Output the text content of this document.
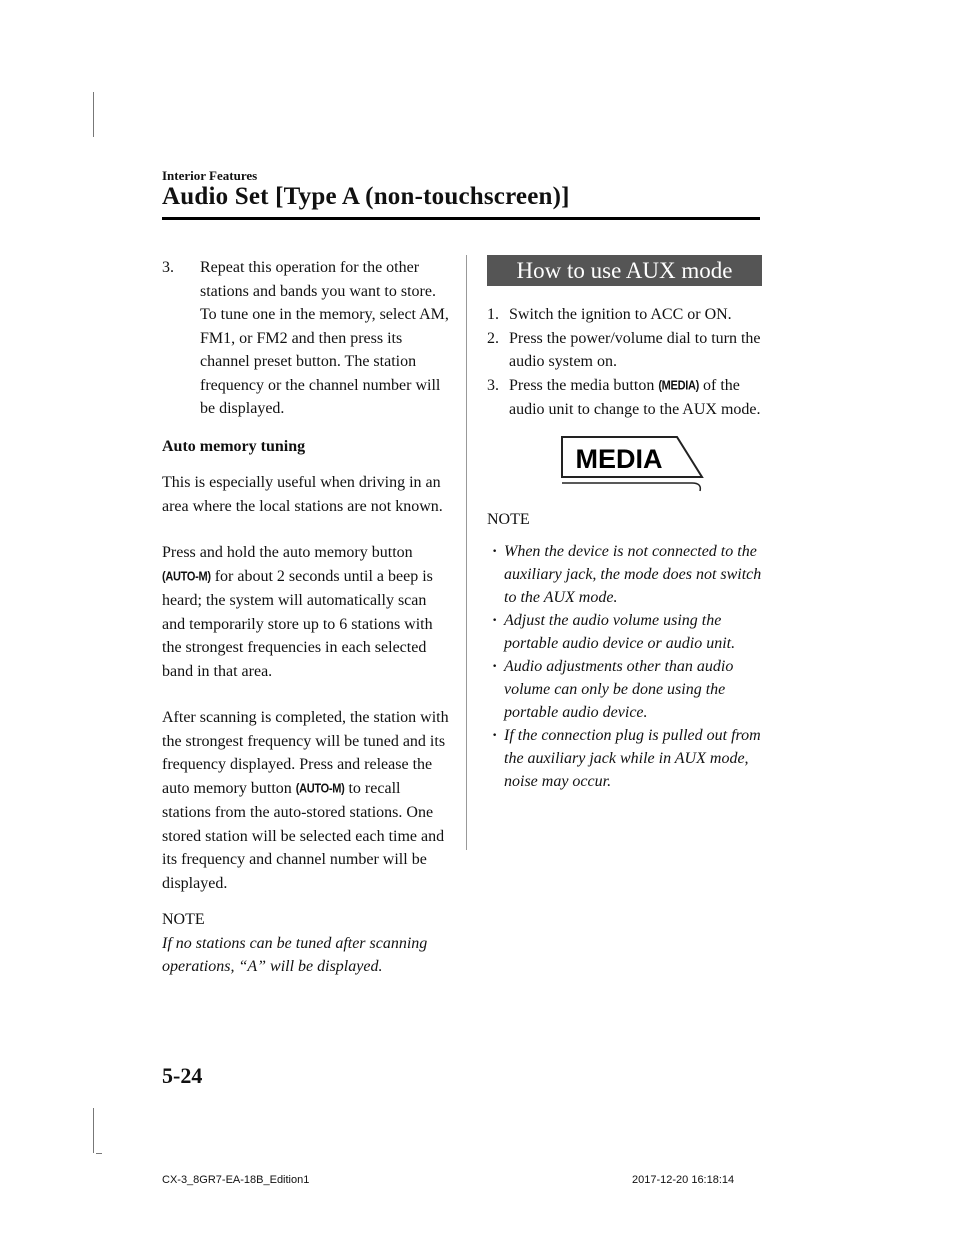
Interior Features

Audio Set [Type A (non-touchscreen)]
3. Repeat this operation for the other stations and bands you want to store. To tune one in the memory, select AM, FM1, or FM2 and then press its channel preset button. The station frequency or the channel number will be displayed.

Auto memory tuning

This is especially useful when driving in an area where the local stations are not known.

Press and hold the auto memory button (AUTO-M) for about 2 seconds until a beep is heard; the system will automatically scan and temporarily store up to 6 stations with the strongest frequencies in each selected band in that area.

After scanning is completed, the station with the strongest frequency will be tuned and its frequency displayed. Press and release the auto memory button (AUTO-M) to recall stations from the auto-stored stations. One stored station will be selected each time and its frequency and channel number will be displayed.

NOTE

If no stations can be tuned after scanning operations, “A” will be displayed.

How to use AUX mode
1. Switch the ignition to ACC or ON.
2. Press the power/volume dial to turn the audio system on.
3. Press the media button (MEDIA) of the audio unit to change to the AUX mode.
MEDIA

NOTE

· When the device is not connected to the auxiliary jack, the mode does not switch to the AUX mode.
· Adjust the audio volume using the portable audio device or audio unit.
· Audio adjustments other than audio volume can only be done using the portable audio device.
· If the connection plug is pulled out from the auxiliary jack while in AUX mode, noise may occur.

5-24

CX-3_8GR7-EA-18B_Edition1	2017-12-20 16:18:14
